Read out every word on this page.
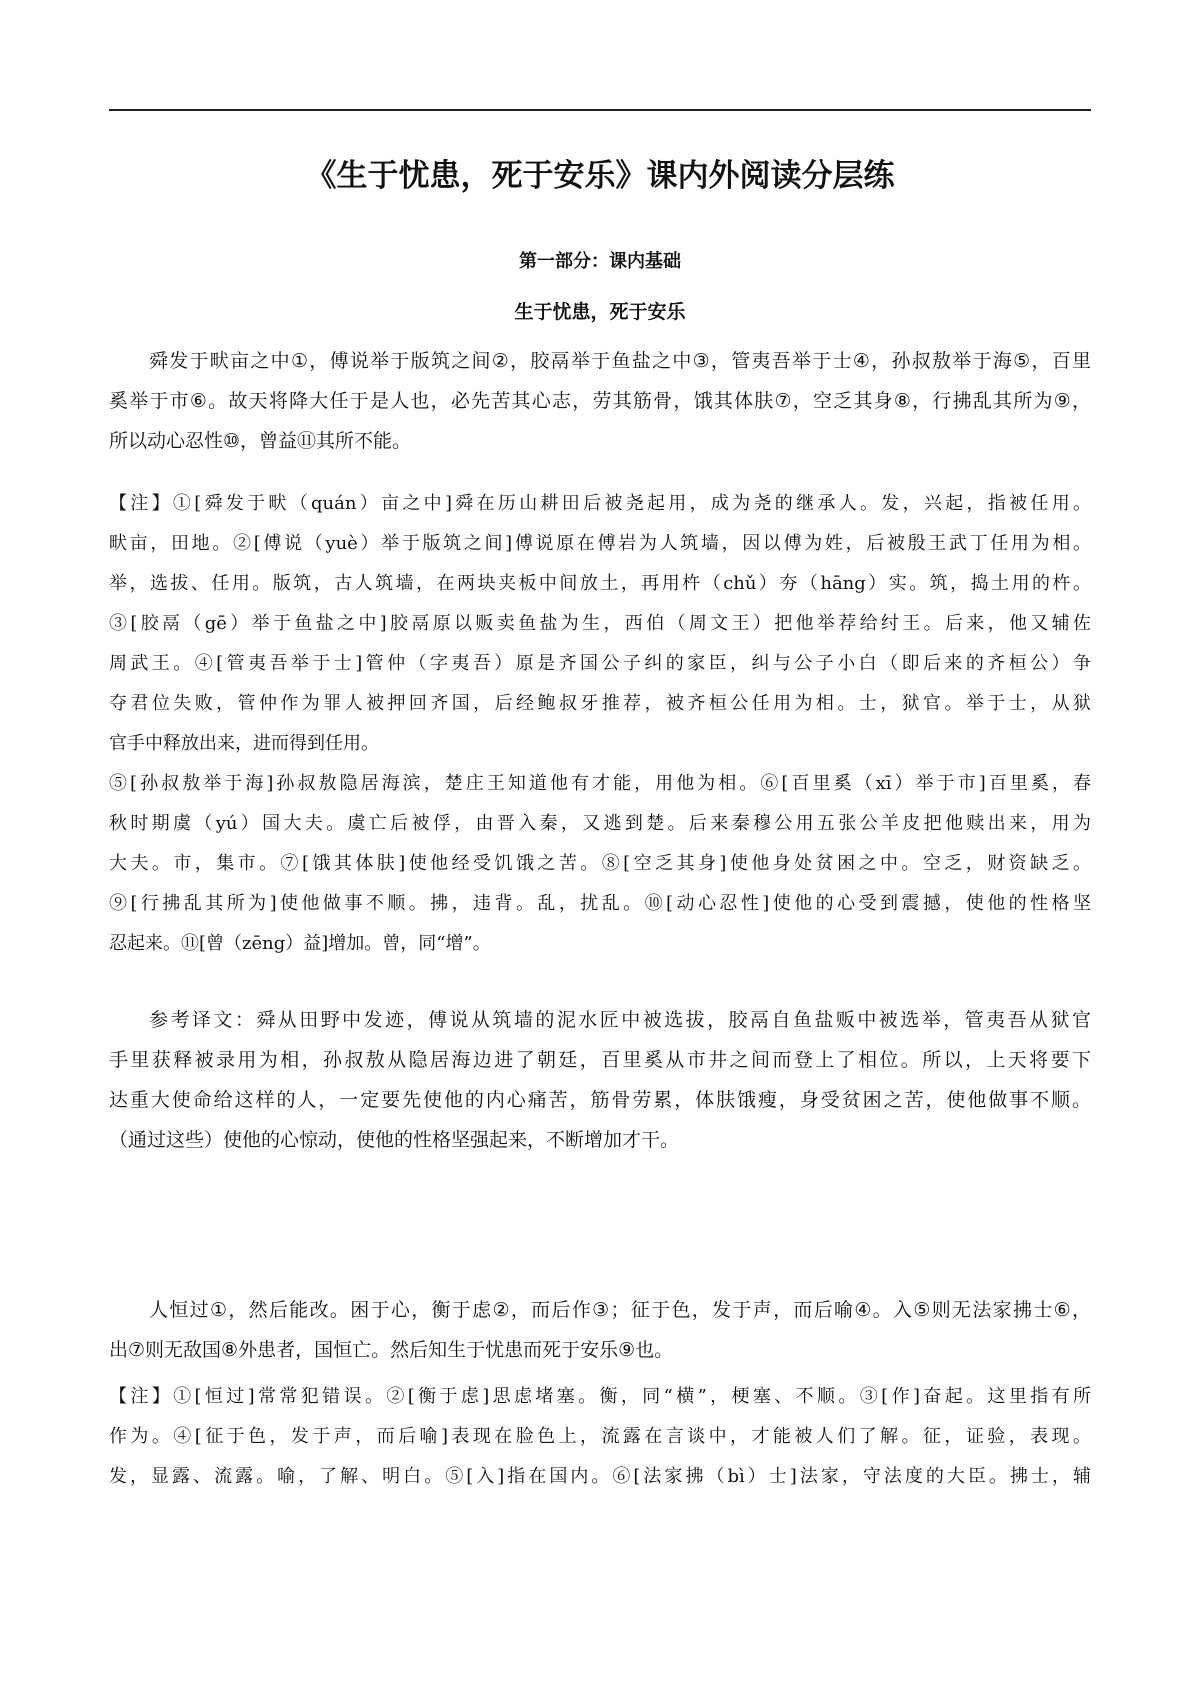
《生于忧患，死于安乐》课内外阅读分层练
第一部分：课内基础
生于忧患，死于安乐
舜发于畎亩之中①，傅说举于版筑之间②，胶鬲举于鱼盐之中③，管夷吾举于士④，孙叔敖举于海⑤，百里
奚举于市⑥。故天将降大任于是人也，必先苦其心志，劳其筋骨，饿其体肤⑦，空乏其身⑧，行拂乱其所为⑨，
所以动心忍性⑩，曾益⑪其所不能。
【注】①[舜发于畎（quán）亩之中]舜在历山耕田后被尧起用，成为尧的继承人。发，兴起，指被任用。
畎亩，田地。②[傅说（yuè）举于版筑之间]傅说原在傅岩为人筑墙，因以傅为姓，后被殷王武丁任用为相。
举，选拔、任用。版筑，古人筑墙，在两块夹板中间放土，再用杵（chǔ）夯（hāng）实。筑，捣土用的杵。
③[胶鬲（gē）举于鱼盐之中]胶鬲原以贩卖鱼盐为生，西伯（周文王）把他举荐给纣王。后来，他又辅佐
周武王。④[管夷吾举于士]管仲（字夷吾）原是齐国公子纠的家臣，纠与公子小白（即后来的齐桓公）争
夺君位失败，管仲作为罪人被押回齐国，后经鲍叔牙推荐，被齐桓公任用为相。士，狱官。举于士，从狱
官手中释放出来，进而得到任用。
⑤[孙叔敖举于海]孙叔敖隐居海滨，楚庄王知道他有才能，用他为相。⑥[百里奚（xī）举于市]百里奚，春
秋时期虞（yú）国大夫。虞亡后被俘，由晋入秦，又逃到楚。后来秦穆公用五张公羊皮把他赎出来，用为
大夫。市，集市。⑦[饿其体肤]使他经受饥饿之苦。⑧[空乏其身]使他身处贫困之中。空乏，财资缺乏。
⑨[行拂乱其所为]使他做事不顺。拂，违背。乱，扰乱。⑩[动心忍性]使他的心受到震撼，使他的性格坚
忍起来。⑪[曾（zēng）益]增加。曾，同“增”。
参考译文：舜从田野中发迹，傅说从筑墙的泥水匠中被选拔，胶鬲自鱼盐贩中被选举，管夷吾从狱官
手里获释被录用为相，孙叔敖从隐居海边进了朝廷，百里奚从市井之间而登上了相位。所以，上天将要下
达重大使命给这样的人，一定要先使他的内心痛苦，筋骨劳累，体肤饿瘦，身受贫困之苦，使他做事不顺。
（通过这些）使他的心惊动，使他的性格坚强起来，不断增加才干。
人恒过①，然后能改。困于心，衡于虑②，而后作③；征于色，发于声，而后喻④。入⑤则无法家拂士⑥，
出⑦则无敌国⑧外患者，国恒亡。然后知生于忧患而死于安乐⑨也。
【注】①[恒过]常常犯错误。②[衡于虑]思虑堵塞。衡，同“横”，梗塞、不顺。③[作]奋起。这里指有所
作为。④[征于色，发于声，而后喻]表现在脸色上，流露在言谈中，才能被人们了解。征，证验，表现。
发，显露、流露。喻，了解、明白。⑤[入]指在国内。⑥[法家拂（bì）士]法家，守法度的大臣。拂士，辅
